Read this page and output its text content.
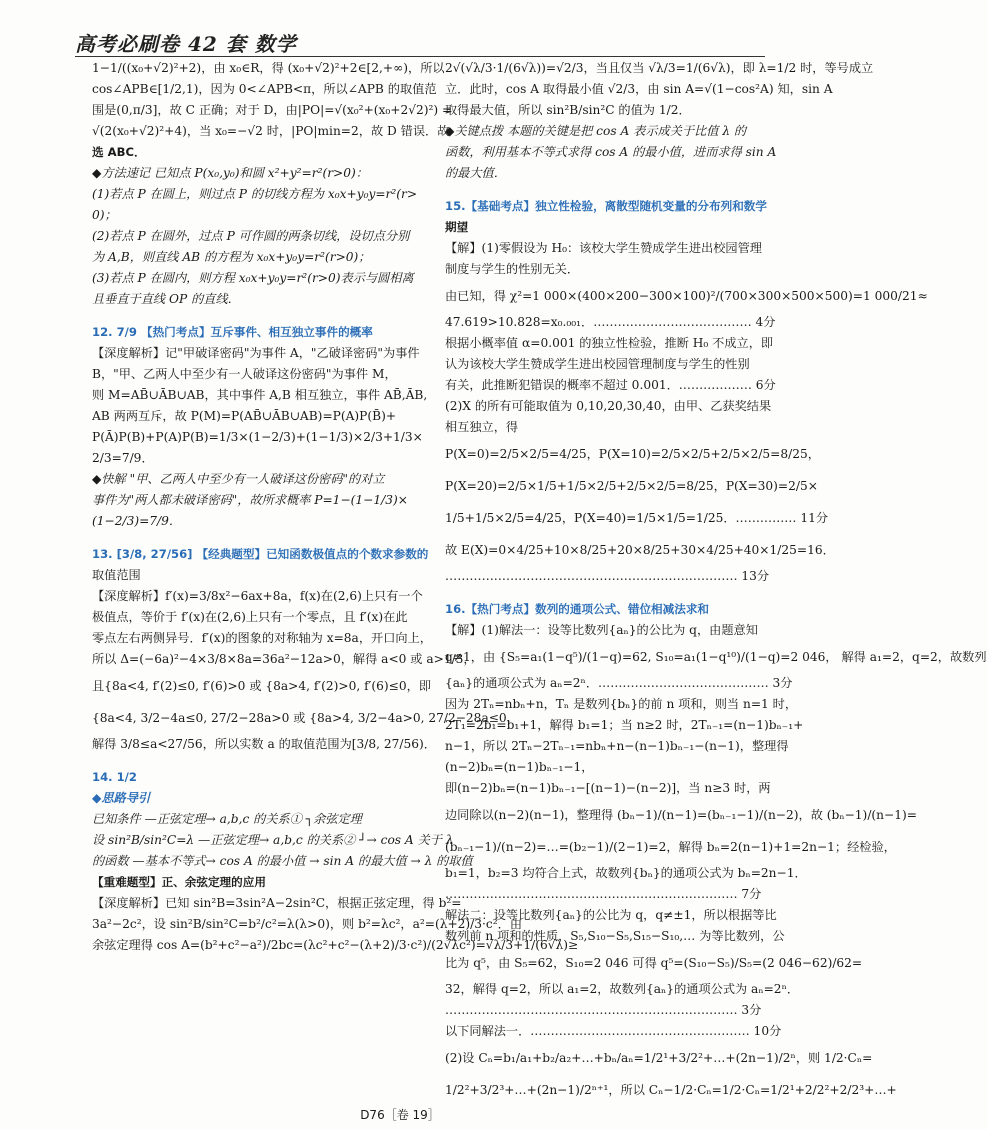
高考必刷卷 42 套 数学
1−1/((x₀+√2)²+2)，由 x₀∈R，得 (x₀+√2)²+2∈[2,+∞)，所以
cos∠APB∈[1/2,1)，因为 0<∠APB<π，所以∠APB 的取值范
围是(0,π/3]，故 C 正确；对于 D，由|PO|=√(x₀²+(x₀+2√2)²) =
√(2(x₀+√2)²+4)，当 x₀=−√2 时，|PO|min=2，故 D 错误．故
选 ABC．
◆方法速记 已知点 P(x₀,y₀)和圆 x²+y²=r²(r>0)：
(1)若点 P 在圆上，则过点 P 的切线方程为 x₀x+y₀y=r²(r>
0)；
(2)若点 P 在圆外，过点 P 可作圆的两条切线，设切点分别
为 A,B，则直线 AB 的方程为 x₀x+y₀y=r²(r>0)；
(3)若点 P 在圆内，则方程 x₀x+y₀y=r²(r>0)表示与圆相离
且垂直于直线 OP 的直线．
12. 7/9 【热门考点】互斥事件、相互独立事件的概率
【深度解析】记"甲破译密码"为事件 A，"乙破译密码"为事件
B，"甲、乙两人中至少有一人破译这份密码"为事件 M，
则 M=AB̄∪ĀB∪AB，其中事件 A,B 相互独立，事件 AB̄,ĀB,
AB 两两互斥，故 P(M)=P(AB̄∪ĀB∪AB)=P(A)P(B̄)+
P(Ā)P(B)+P(A)P(B)=1/3×(1−2/3)+(1−1/3)×2/3+1/3×
2/3=7/9．
◆快解 "甲、乙两人中至少有一人破译这份密码"的对立
事件为"两人都未破译密码"，故所求概率 P=1−(1−1/3)×
(1−2/3)=7/9．
13. [3/8, 27/56] 【经典题型】已知函数极值点的个数求参数的
取值范围
【深度解析】f′(x)=3/8x²−6ax+8a，f(x)在(2,6)上只有一个
极值点，等价于 f′(x)在(2,6)上只有一个零点，且 f′(x)在此
零点左右两侧异号．f′(x)的图象的对称轴为 x=8a，开口向上，
所以 Δ=(−6a)²−4×3/8×8a=36a²−12a>0，解得 a<0 或 a>1/3，
且{8a<4, f′(2)≤0, f′(6)>0 或 {8a>4, f′(2)>0, f′(6)≤0，即
{8a<4, 3/2−4a≤0, 27/2−28a>0 或 {8a>4, 3/2−4a>0, 27/2−28a≤0，
解得 3/8≤a<27/56，所以实数 a 的取值范围为[3/8, 27/56)．
14. 1/2
◆思路导引
已知条件 —正弦定理→ a,b,c 的关系① ┐余弦定理
设 sin²B/sin²C=λ —正弦定理→ a,b,c 的关系② ┘→ cos A 关于 λ
的函数 —基本不等式→ cos A 的最小值 → sin A 的最大值 → λ 的取值
【重难题型】正、余弦定理的应用
【深度解析】已知 sin²B=3sin²A−2sin²C，根据正弦定理，得 b²=
3a²−2c²，设 sin²B/sin²C=b²/c²=λ(λ>0)，则 b²=λc²，a²=(λ+2)/3·c²．由
余弦定理得 cos A=(b²+c²−a²)/2bc=(λc²+c²−(λ+2)/3·c²)/(2√λc²)=√λ/3+1/(6√λ)≥
2√(√λ/3·1/(6√λ))=√2/3，当且仅当 √λ/3=1/(6√λ)，即 λ=1/2 时，等号成立
立．此时，cos A 取得最小值 √2/3，由 sin A=√(1−cos²A) 知，sin A
取得最大值，所以 sin²B/sin²C 的值为 1/2．
◆关键点拨 本题的关键是把 cos A 表示成关于比值 λ 的
函数，利用基本不等式求得 cos A 的最小值，进而求得 sin A
的最大值．
15.【基础考点】独立性检验，离散型随机变量的分布列和数学
期望
【解】(1)零假设为 H₀：该校大学生赞成学生进出校园管理
制度与学生的性别无关．
由已知，得 χ²=1 000×(400×200−300×100)²/(700×300×500×500)=1 000/21≈
47.619>10.828=x₀.₀₀₁．………………………………… 4分
根据小概率值 α=0.001 的独立性检验，推断 H₀ 不成立，即
认为该校大学生赞成学生进出校园管理制度与学生的性别
有关，此推断犯错误的概率不超过 0.001．……………… 6分
(2)X 的所有可能取值为 0,10,20,30,40，由甲、乙获奖结果
相互独立，得
P(X=0)=2/5×2/5=4/25，P(X=10)=2/5×2/5+2/5×2/5=8/25，
P(X=20)=2/5×1/5+1/5×2/5+2/5×2/5=8/25，P(X=30)=2/5×
1/5+1/5×2/5=4/25，P(X=40)=1/5×1/5=1/25．…………… 11分
故 E(X)=0×4/25+10×8/25+20×8/25+30×4/25+40×1/25=16．
……………………………………………………………… 13分
16.【热门考点】数列的通项公式、错位相减法求和
【解】(1)解法一：设等比数列{aₙ}的公比为 q，由题意知
q≠1，由 {S₅=a₁(1−q⁵)/(1−q)=62, S₁₀=a₁(1−q¹⁰)/(1−q)=2 046， 解得 a₁=2，q=2，故数列
{aₙ}的通项公式为 aₙ=2ⁿ．…………………………………… 3分
因为 2Tₙ=nbₙ+n，Tₙ 是数列{bₙ}的前 n 项和，则当 n=1 时，
2T₁=2b₁=b₁+1，解得 b₁=1；当 n≥2 时，2Tₙ₋₁=(n−1)bₙ₋₁+
n−1，所以 2Tₙ−2Tₙ₋₁=nbₙ+n−(n−1)bₙ₋₁−(n−1)，整理得
(n−2)bₙ=(n−1)bₙ₋₁−1，
即(n−2)bₙ=(n−1)bₙ₋₁−[(n−1)−(n−2)]，当 n≥3 时，两
边同除以(n−2)(n−1)，整理得 (bₙ−1)/(n−1)=(bₙ₋₁−1)/(n−2)，故 (bₙ−1)/(n−1)=
(bₙ₋₁−1)/(n−2)=…=(b₂−1)/(2−1)=2，解得 bₙ=2(n−1)+1=2n−1；经检验，
b₁=1，b₂=3 均符合上式，故数列{bₙ}的通项公式为 bₙ=2n−1．
……………………………………………………………… 7分
解法二：设等比数列{aₙ}的公比为 q，q≠±1，所以根据等比
数列前 n 项和的性质，S₅,S₁₀−S₅,S₁₅−S₁₀,… 为等比数列，公
比为 q⁵，由 S₅=62，S₁₀=2 046 可得 q⁵=(S₁₀−S₅)/S₅=(2 046−62)/62=
32，解得 q=2，所以 a₁=2，故数列{aₙ}的通项公式为 aₙ=2ⁿ．
……………………………………………………………… 3分
以下同解法一．……………………………………………… 10分
(2)设 Cₙ=b₁/a₁+b₂/a₂+…+bₙ/aₙ=1/2¹+3/2²+…+(2n−1)/2ⁿ，则 1/2·Cₙ=
1/2²+3/2³+…+(2n−1)/2ⁿ⁺¹，所以 Cₙ−1/2·Cₙ=1/2·Cₙ=1/2¹+2/2²+2/2³+…+
D76［卷 19］
